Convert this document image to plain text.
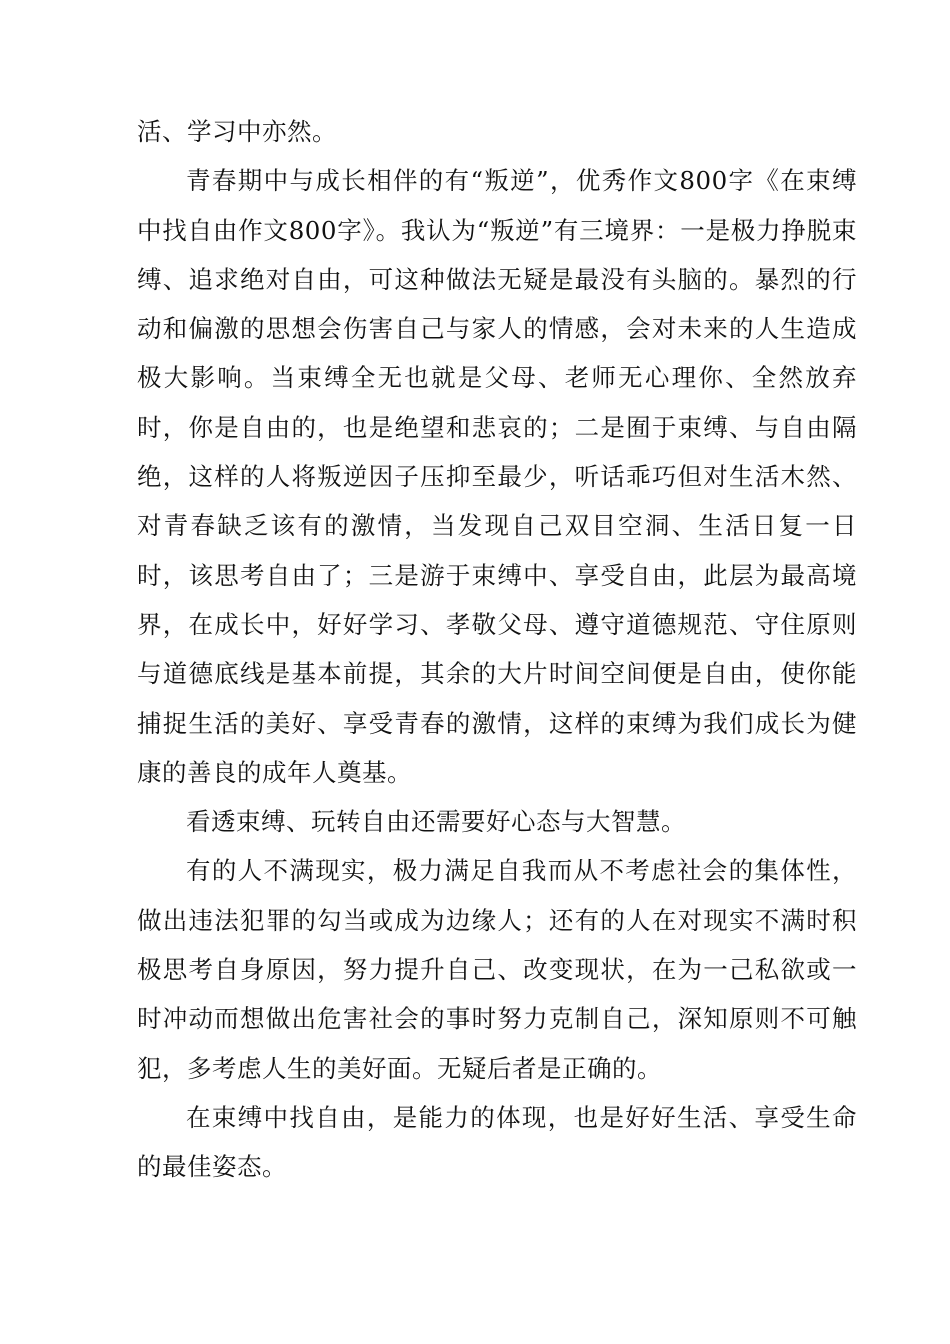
活、学习中亦然。

青春期中与成长相伴的有“叛逆”，优秀作文800字《在束缚中找自由作文800字》。我认为“叛逆”有三境界：一是极力挣脱束缚、追求绝对自由，可这种做法无疑是最没有头脑的。暴烈的行动和偏激的思想会伤害自己与家人的情感，会对未来的人生造成极大影响。当束缚全无也就是父母、老师无心理你、全然放弃时，你是自由的，也是绝望和悲哀的；二是囿于束缚、与自由隔绝，这样的人将叛逆因子压抑至最少，听话乖巧但对生活木然、对青春缺乏该有的激情，当发现自己双目空洞、生活日复一日时，该思考自由了；三是游于束缚中、享受自由，此层为最高境界，在成长中，好好学习、孝敬父母、遵守道德规范、守住原则与道德底线是基本前提，其余的大片时间空间便是自由，使你能捕捉生活的美好、享受青春的激情，这样的束缚为我们成长为健康的善良的成年人奠基。

看透束缚、玩转自由还需要好心态与大智慧。

有的人不满现实，极力满足自我而从不考虑社会的集体性，做出违法犯罪的勾当或成为边缘人；还有的人在对现实不满时积极思考自身原因，努力提升自己、改变现状，在为一己私欲或一时冲动而想做出危害社会的事时努力克制自己，深知原则不可触犯，多考虑人生的美好面。无疑后者是正确的。

在束缚中找自由，是能力的体现，也是好好生活、享受生命的最佳姿态。
